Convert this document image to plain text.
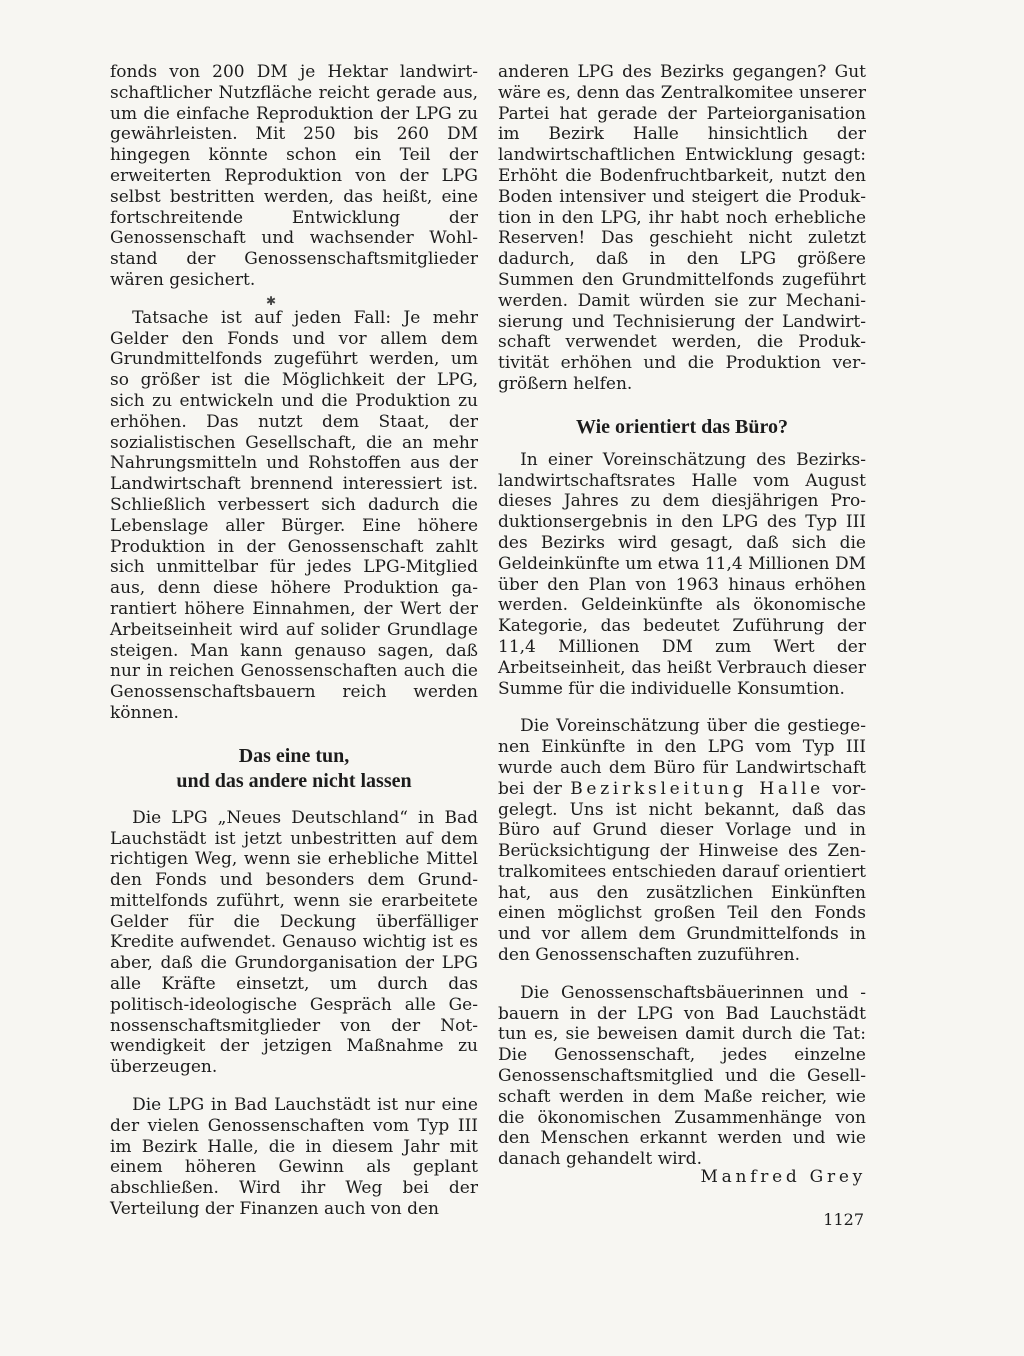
✱

fonds von 200 DM je Hektar landwirtschaftlicher Nutzfläche reicht gerade aus, um die einfache Reproduktion der LPG zu gewährleisten. Mit 250 bis 260 DM hingegen könnte schon ein Teil der erweiterten Reproduktion von der LPG selbst bestritten werden, das heißt, eine fortschreitende Entwicklung der Genossenschaft und wachsender Wohlstand der Genossenschaftsmitglieder wären gesichert.

Tatsache ist auf jeden Fall: Je mehr Gelder den Fonds und vor allem dem Grundmittelfonds zugeführt werden, um so größer ist die Möglichkeit der LPG, sich zu entwickeln und die Produktion zu erhöhen. Das nutzt dem Staat, der sozialistischen Gesellschaft, die an mehr Nahrungsmitteln und Rohstoffen aus der Landwirtschaft brennend interessiert ist. Schließlich verbessert sich dadurch die Lebenslage aller Bürger. Eine höhere Produktion in der Genossenschaft zahlt sich unmittelbar für jedes LPG-Mitglied aus, denn diese höhere Produktion garantiert höhere Einnahmen, der Wert der Arbeitseinheit wird auf solider Grundlage steigen. Man kann genauso sagen, daß nur in reichen Genossenschaften auch die Genossenschaftsbauern reich werden können.

Das eine tun,
und das andere nicht lassen

Die LPG „Neues Deutschland“ in Bad Lauchstädt ist jetzt unbestritten auf dem richtigen Weg, wenn sie erhebliche Mittel den Fonds und besonders dem Grundmittelfonds zuführt, wenn sie erarbeitete Gelder für die Deckung überfälliger Kredite aufwendet. Genauso wichtig ist es aber, daß die Grundorganisation der LPG alle Kräfte einsetzt, um durch das politisch-ideologische Gespräch alle Genossenschaftsmitglieder von der Notwendigkeit der jetzigen Maßnahme zu überzeugen.

Die LPG in Bad Lauchstädt ist nur eine der vielen Genossenschaften vom Typ III im Bezirk Halle, die in diesem Jahr mit einem höheren Gewinn als geplant abschließen. Wird ihr Weg bei der Verteilung der Finanzen auch von den

anderen LPG des Bezirks gegangen? Gut wäre es, denn das Zentralkomitee unserer Partei hat gerade der Parteiorganisation im Bezirk Halle hinsichtlich der landwirtschaftlichen Entwicklung gesagt: Erhöht die Bodenfruchtbarkeit, nutzt den Boden intensiver und steigert die Produktion in den LPG, ihr habt noch erhebliche Reserven! Das geschieht nicht zuletzt dadurch, daß in den LPG größere Summen den Grundmittelfonds zugeführt werden. Damit würden sie zur Mechanisierung und Technisierung der Landwirtschaft verwendet werden, die Produktivität erhöhen und die Produktion vergrößern helfen.

Wie orientiert das Büro?

In einer Voreinschätzung des Bezirkslandwirtschaftsrates Halle vom August dieses Jahres zu dem diesjährigen Produktionsergebnis in den LPG des Typ III des Bezirks wird gesagt, daß sich die Geldeinkünfte um etwa 11,4 Millionen DM über den Plan von 1963 hinaus erhöhen werden. Geldeinkünfte als ökonomische Kategorie, das bedeutet Zuführung der 11,4 Millionen DM zum Wert der Arbeitseinheit, das heißt Verbrauch dieser Summe für die individuelle Konsumtion.

Die Voreinschätzung über die gestiegenen Einkünfte in den LPG vom Typ III wurde auch dem Büro für Landwirtschaft bei der Bezirksleitung Halle vorgelegt. Uns ist nicht bekannt, daß das Büro auf Grund dieser Vorlage und in Berücksichtigung der Hinweise des Zentralkomitees entschieden darauf orientiert hat, aus den zusätzlichen Einkünften einen möglichst großen Teil den Fonds und vor allem dem Grundmittelfonds in den Genossenschaften zuzuführen.

Die Genossenschaftsbäuerinnen und -bauern in der LPG von Bad Lauchstädt tun es, sie beweisen damit durch die Tat: Die Genossenschaft, jedes einzelne Genossenschaftsmitglied und die Gesellschaft werden in dem Maße reicher, wie die ökonomischen Zusammenhänge von den Menschen erkannt werden und wie danach gehandelt wird.

Manfred Grey
1127
